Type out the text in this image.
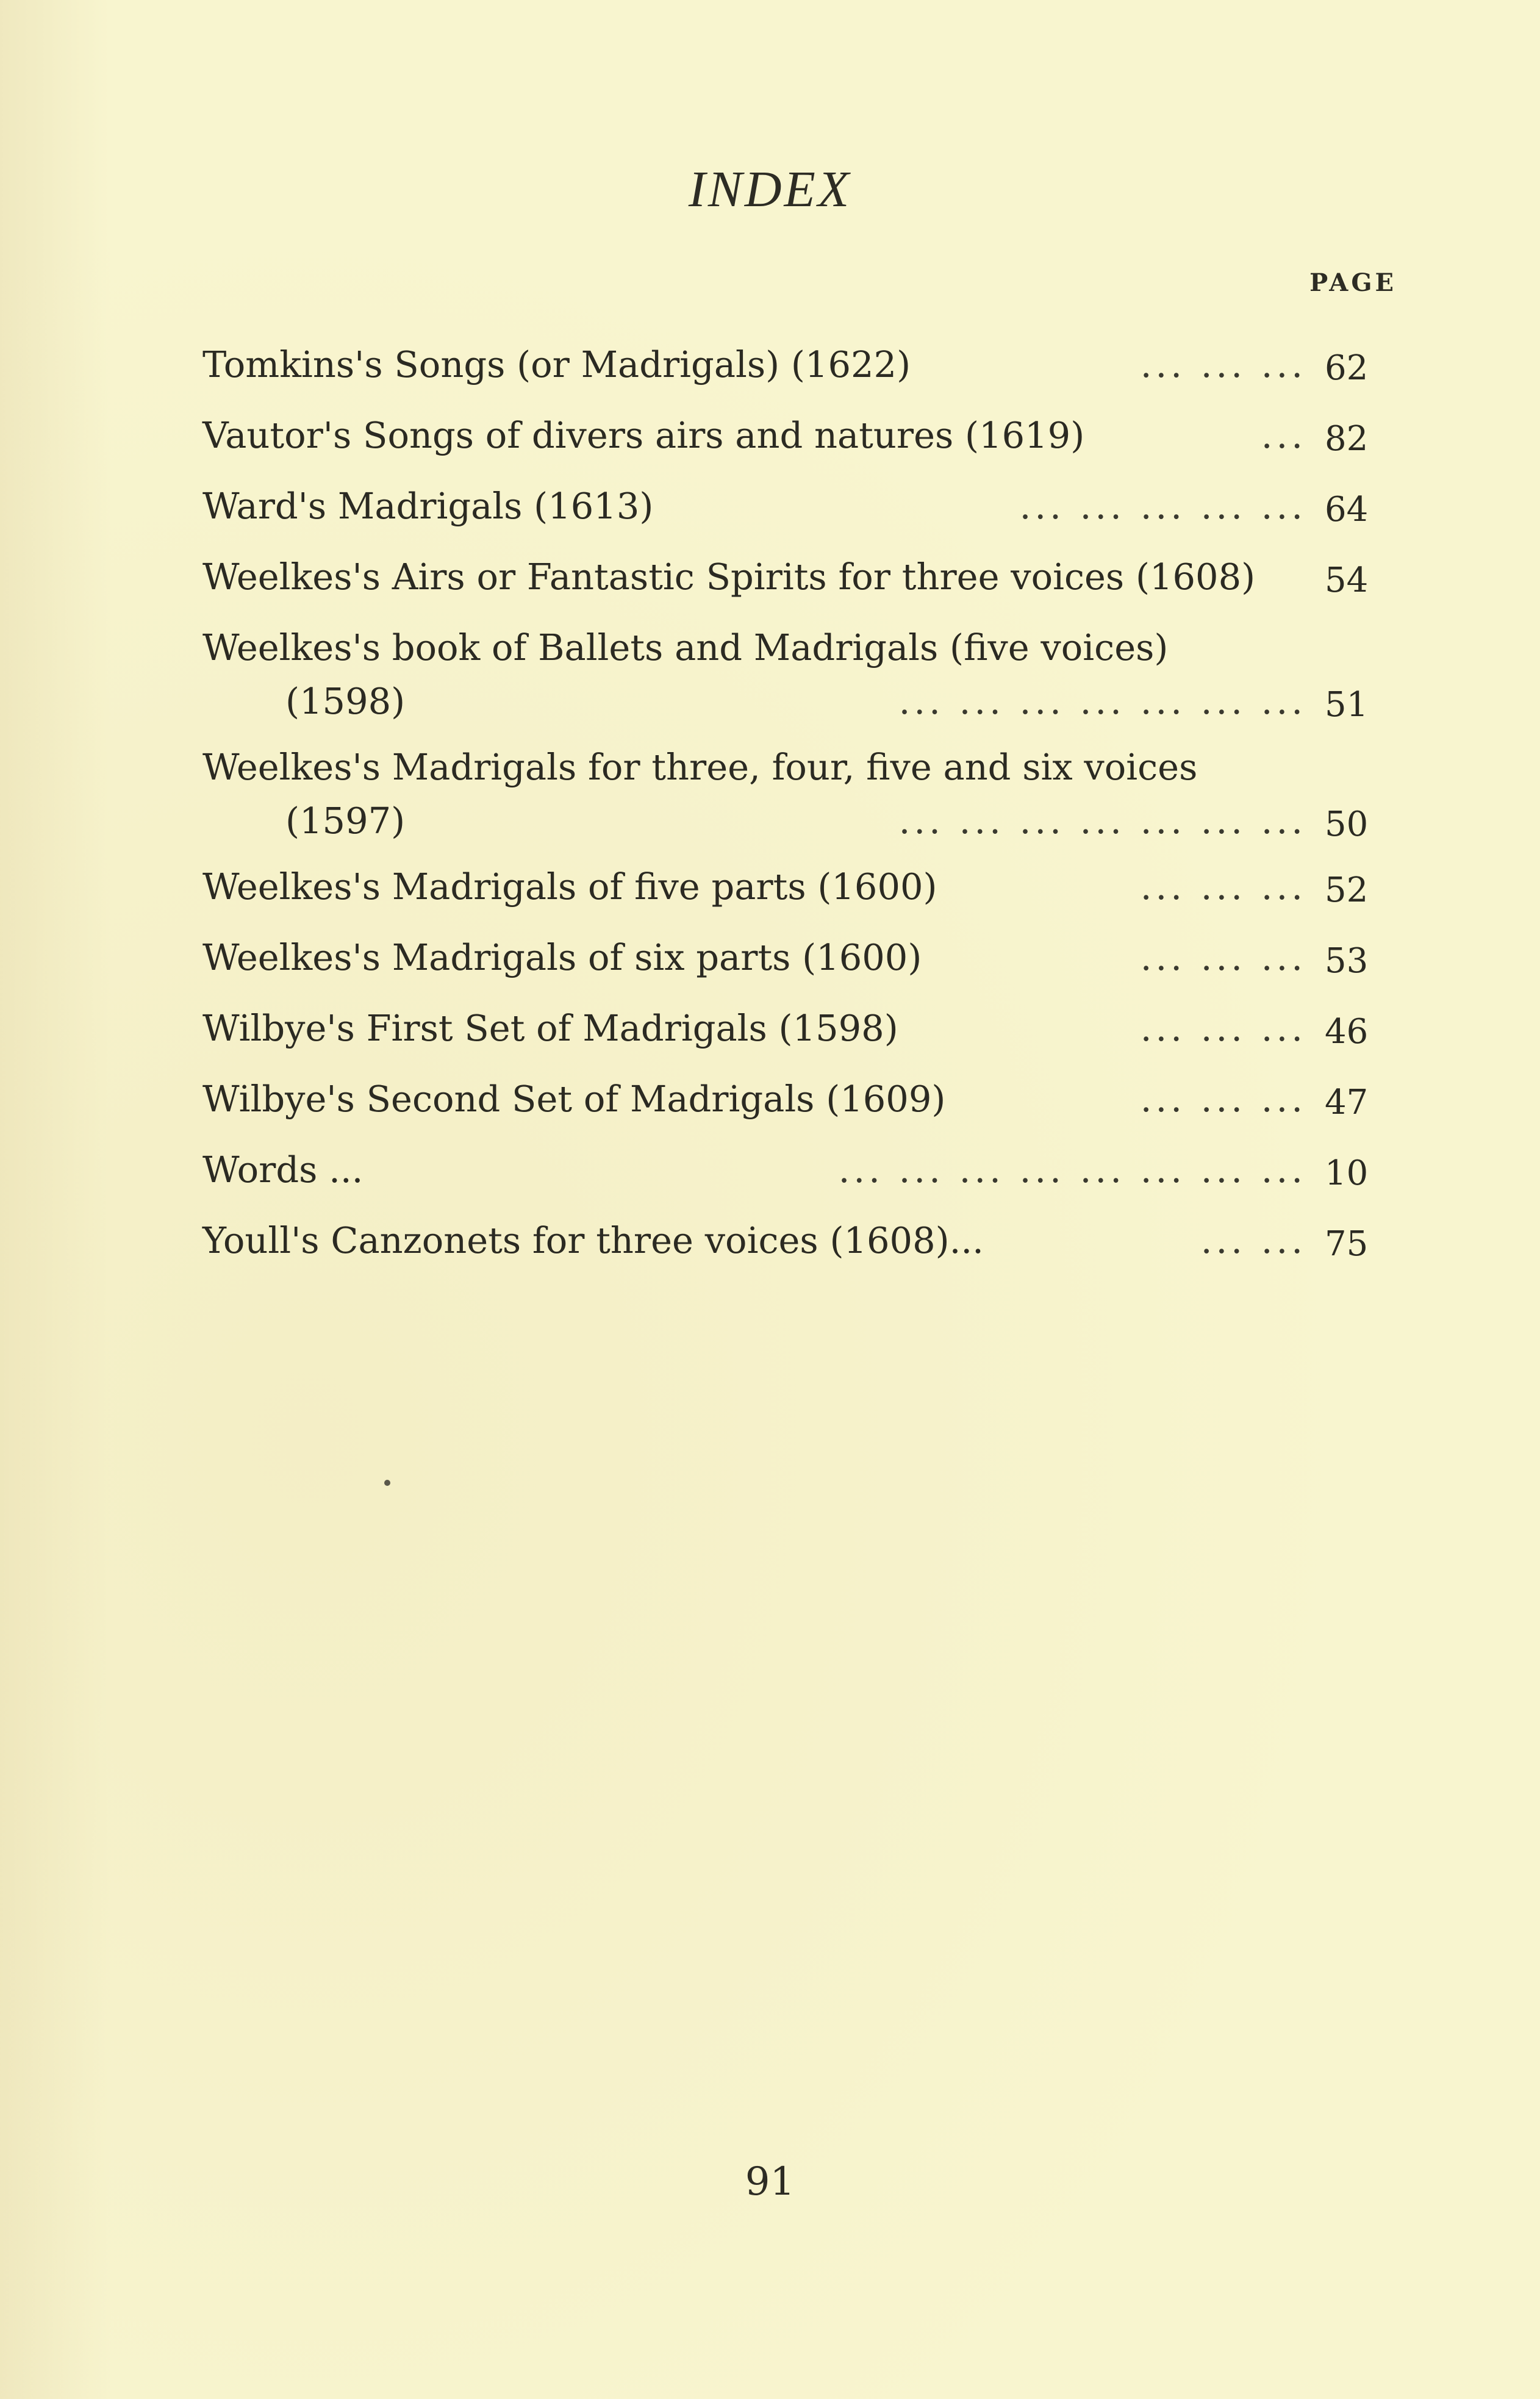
INDEX
PAGE
Tomkins's Songs (or Madrigals) (1622)	... ... ... 62
Vautor's Songs of divers airs and natures (1619)	... 82
Ward's Madrigals (1613)	... ... ... ... ... 64
Weelkes's Airs or Fantastic Spirits for three voices (1608) 54
Weelkes's book of Ballets and Madrigals (five voices)
(1598)	... ... ... ... ... ... ... 51
Weelkes's Madrigals for three, four, five and six voices
(1597)	... ... ... ... ... ... ... 50
Weelkes's Madrigals of five parts (1600)	... ... ... 52
Weelkes's Madrigals of six parts (1600)	... ... ... 53
Wilbye's First Set of Madrigals (1598)	... ... ... 46
Wilbye's Second Set of Madrigals (1609)	... ... ... 47
Words ...	... ... ... ... ... ... ... ... 10
Youll's Canzonets for three voices (1608)...	... ... 75
91
